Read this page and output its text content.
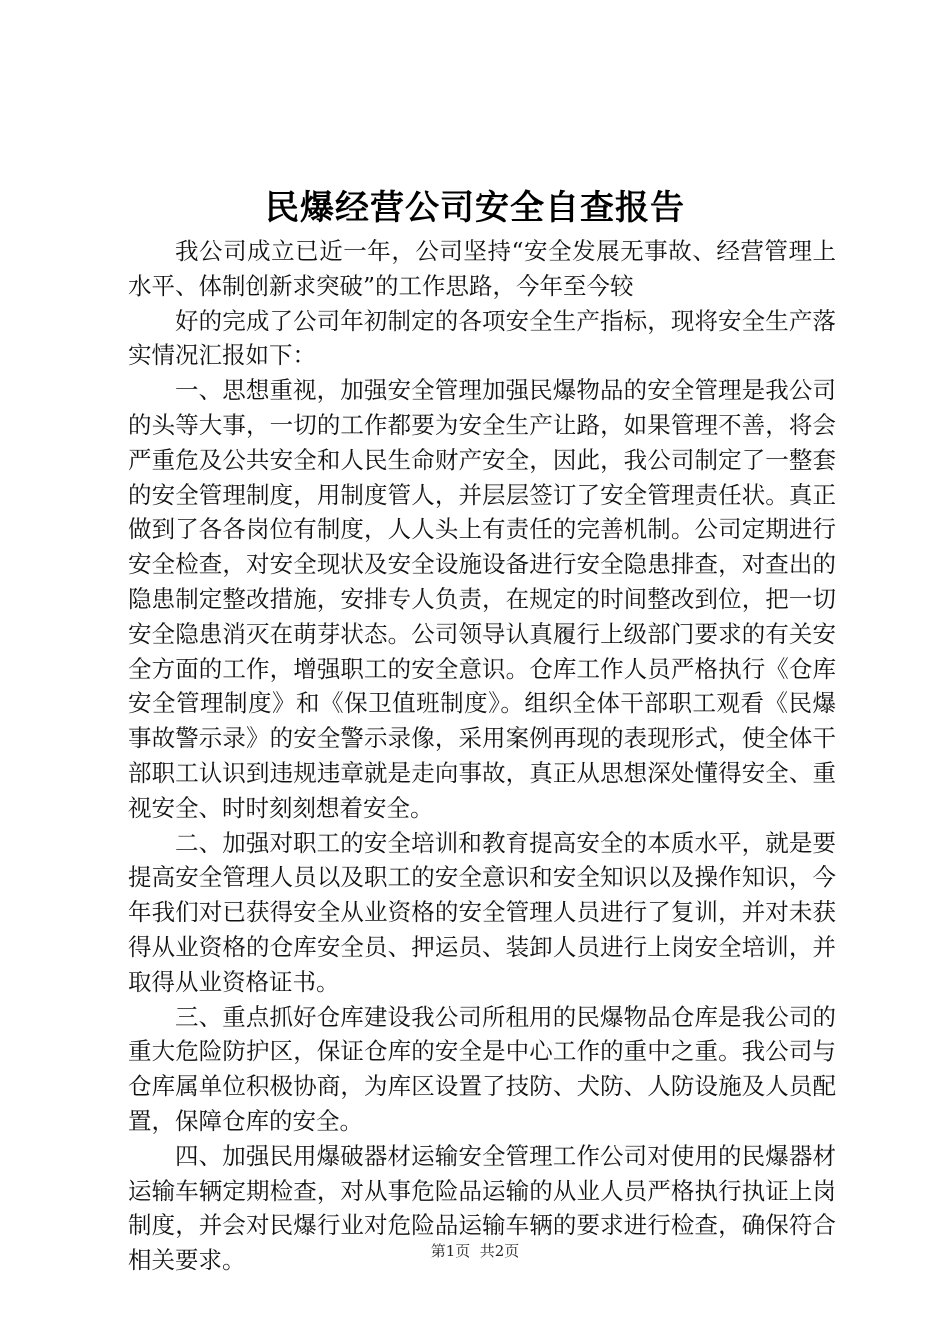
民爆经营公司安全自查报告

我公司成立已近一年，公司坚持“安全发展无事故、经营管理上水平、体制创新求突破”的工作思路，今年至今较

好的完成了公司年初制定的各项安全生产指标，现将安全生产落实情况汇报如下：

一、思想重视，加强安全管理加强民爆物品的安全管理是我公司的头等大事，一切的工作都要为安全生产让路，如果管理不善，将会严重危及公共安全和人民生命财产安全，因此，我公司制定了一整套的安全管理制度，用制度管人，并层层签订了安全管理责任状。真正做到了各各岗位有制度，人人头上有责任的完善机制。公司定期进行安全检查，对安全现状及安全设施设备进行安全隐患排查，对查出的隐患制定整改措施，安排专人负责，在规定的时间整改到位，把一切安全隐患消灭在萌芽状态。公司领导认真履行上级部门要求的有关安全方面的工作，增强职工的安全意识。仓库工作人员严格执行《仓库安全管理制度》和《保卫值班制度》。组织全体干部职工观看《民爆事故警示录》的安全警示录像，采用案例再现的表现形式，使全体干部职工认识到违规违章就是走向事故，真正从思想深处懂得安全、重视安全、时时刻刻想着安全。

二、加强对职工的安全培训和教育提高安全的本质水平，就是要提高安全管理人员以及职工的安全意识和安全知识以及操作知识，今年我们对已获得安全从业资格的安全管理人员进行了复训，并对未获得从业资格的仓库安全员、押运员、装卸人员进行上岗安全培训，并取得从业资格证书。

三、重点抓好仓库建设我公司所租用的民爆物品仓库是我公司的重大危险防护区，保证仓库的安全是中心工作的重中之重。我公司与仓库属单位积极协商，为库区设置了技防、犬防、人防设施及人员配置，保障仓库的安全。

四、加强民用爆破器材运输安全管理工作公司对使用的民爆器材运输车辆定期检查，对从事危险品运输的从业人员严格执行执证上岗制度，并会对民爆行业对危险品运输车辆的要求进行检查，确保符合相关要求。	第1页  共2页
